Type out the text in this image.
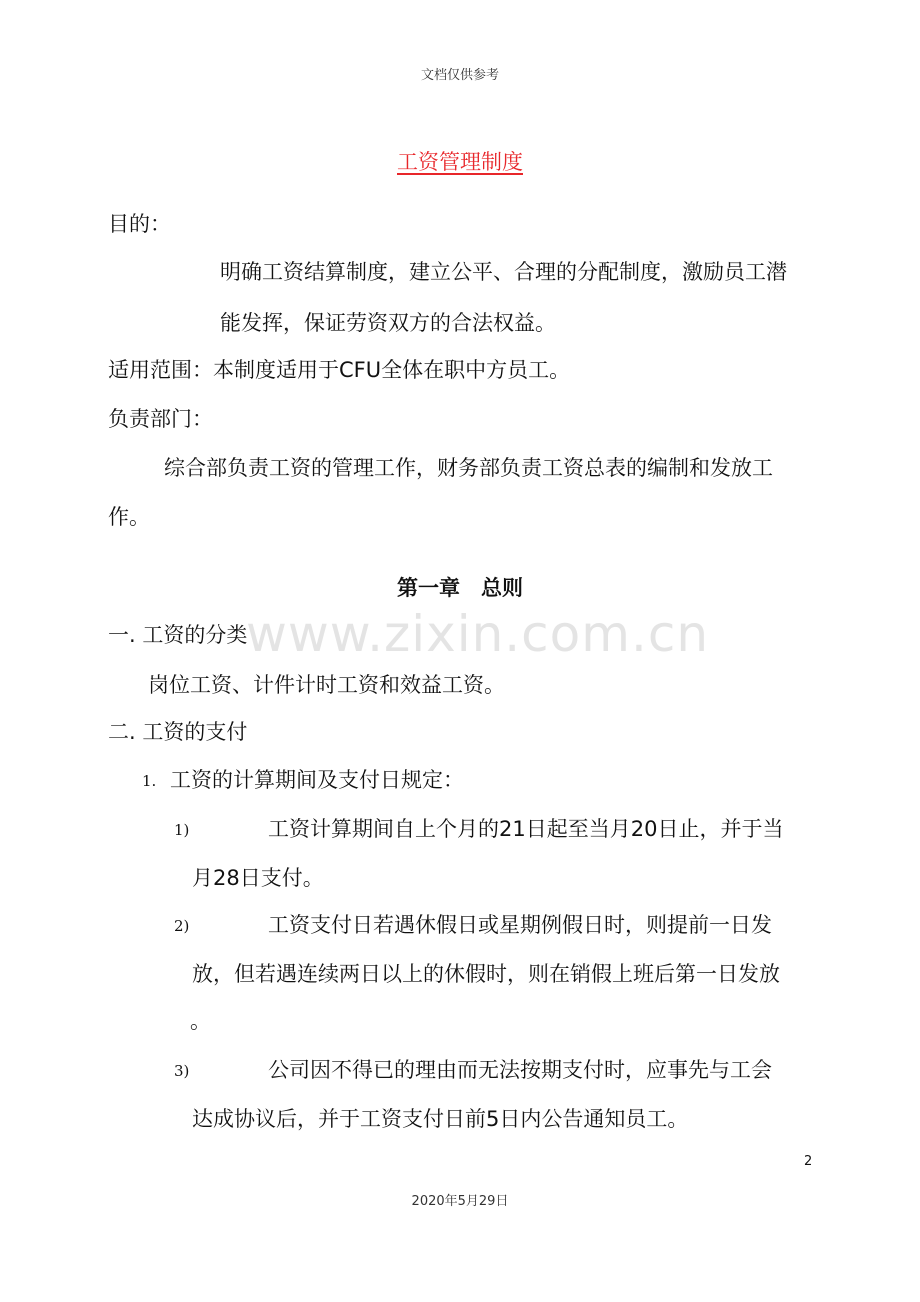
文档仅供参考
工资管理制度
www.zixin.com.cn
目的：
明确工资结算制度，建立公平、合理的分配制度，激励员工潜
能发挥，保证劳资双方的合法权益。
适用范围：本制度适用于CFU全体在职中方员工。
负责部门：
综合部负责工资的管理工作，财务部负责工资总表的编制和发放工
作。
第一章　总则
一. 工资的分类
岗位工资、计件计时工资和效益工资。
二. 工资的支付
1. 工资的计算期间及支付日规定：
1)	工资计算期间自上个月的21日起至当月20日止，并于当
月28日支付。
2)	工资支付日若遇休假日或星期例假日时，则提前一日发
放，但若遇连续两日以上的休假时，则在销假上班后第一日发放
。
3)	公司因不得已的理由而无法按期支付时，应事先与工会
达成协议后，并于工资支付日前5日内公告通知员工。
2
2020年5月29日
